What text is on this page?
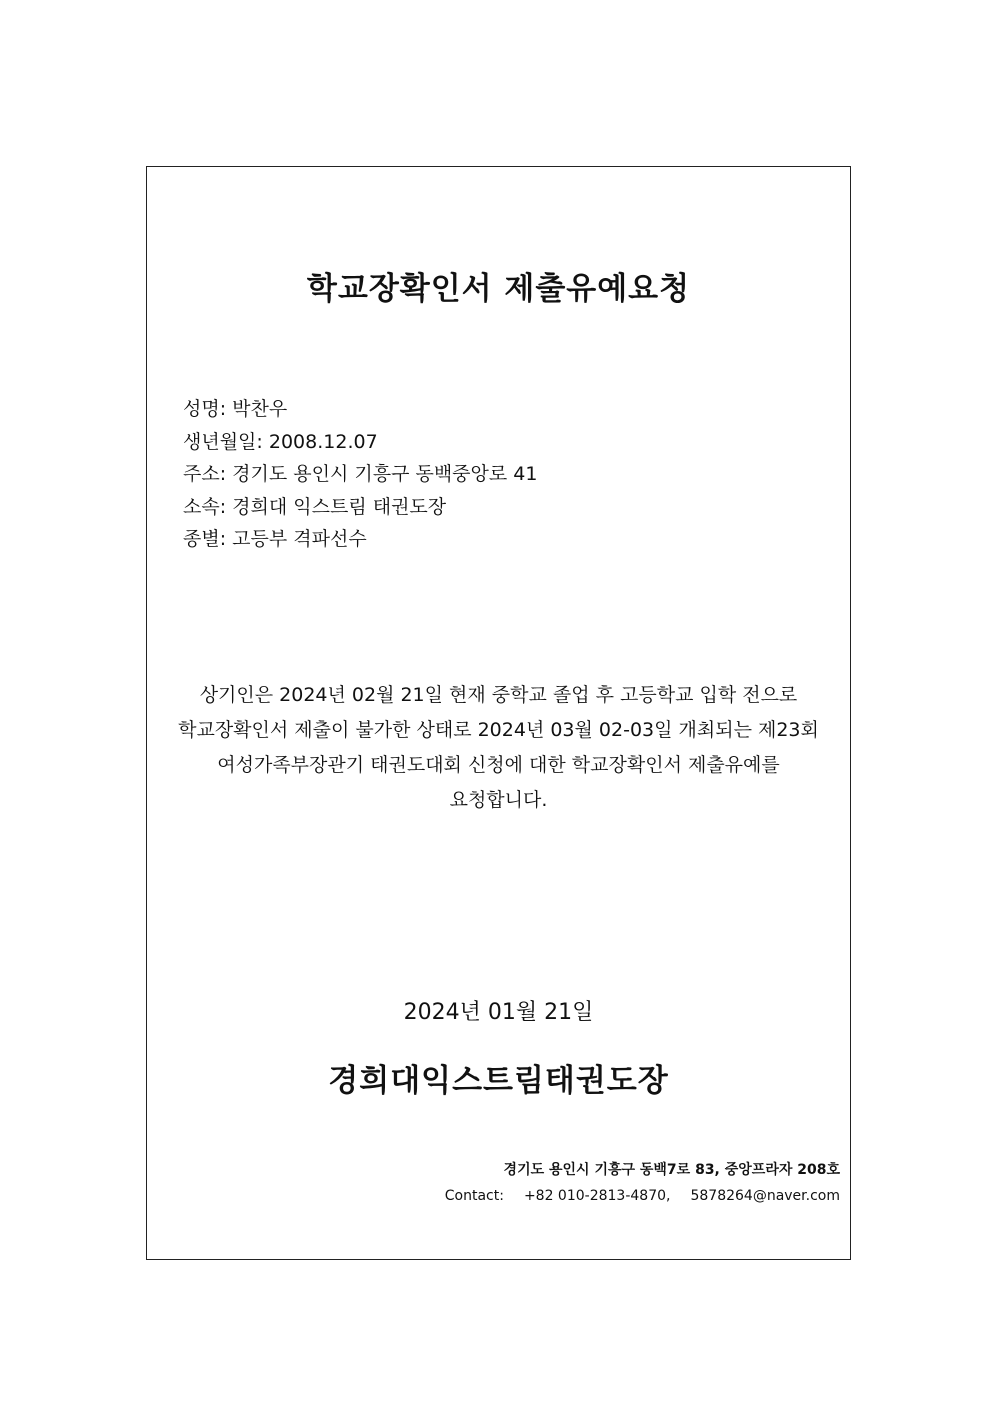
학교장확인서 제출유예요청
성명 : 박찬우
생년월일 : 2008.12.07
주소 : 경기도 용인시 기흥구 동백중앙로 41
소속 : 경희대 익스트림 태권도장
종별 : 고등부 격파선수
상기인은 2024년 02월 21일 현재 중학교 졸업 후 고등학교 입학 전으로
학교장확인서 제출이 불가한 상태로 2024년 03월 02-03일 개최되는 제23회
여성가족부장관기 태권도대회 신청에 대한 학교장확인서 제출유예를
요청합니다.
2024년 01월 21일
경희대익스트림태권도장
경기도 용인시 기흥구 동백7로 83, 중앙프라자 208호
Contact: +82 010-2813-4870, 5878264@naver.com
